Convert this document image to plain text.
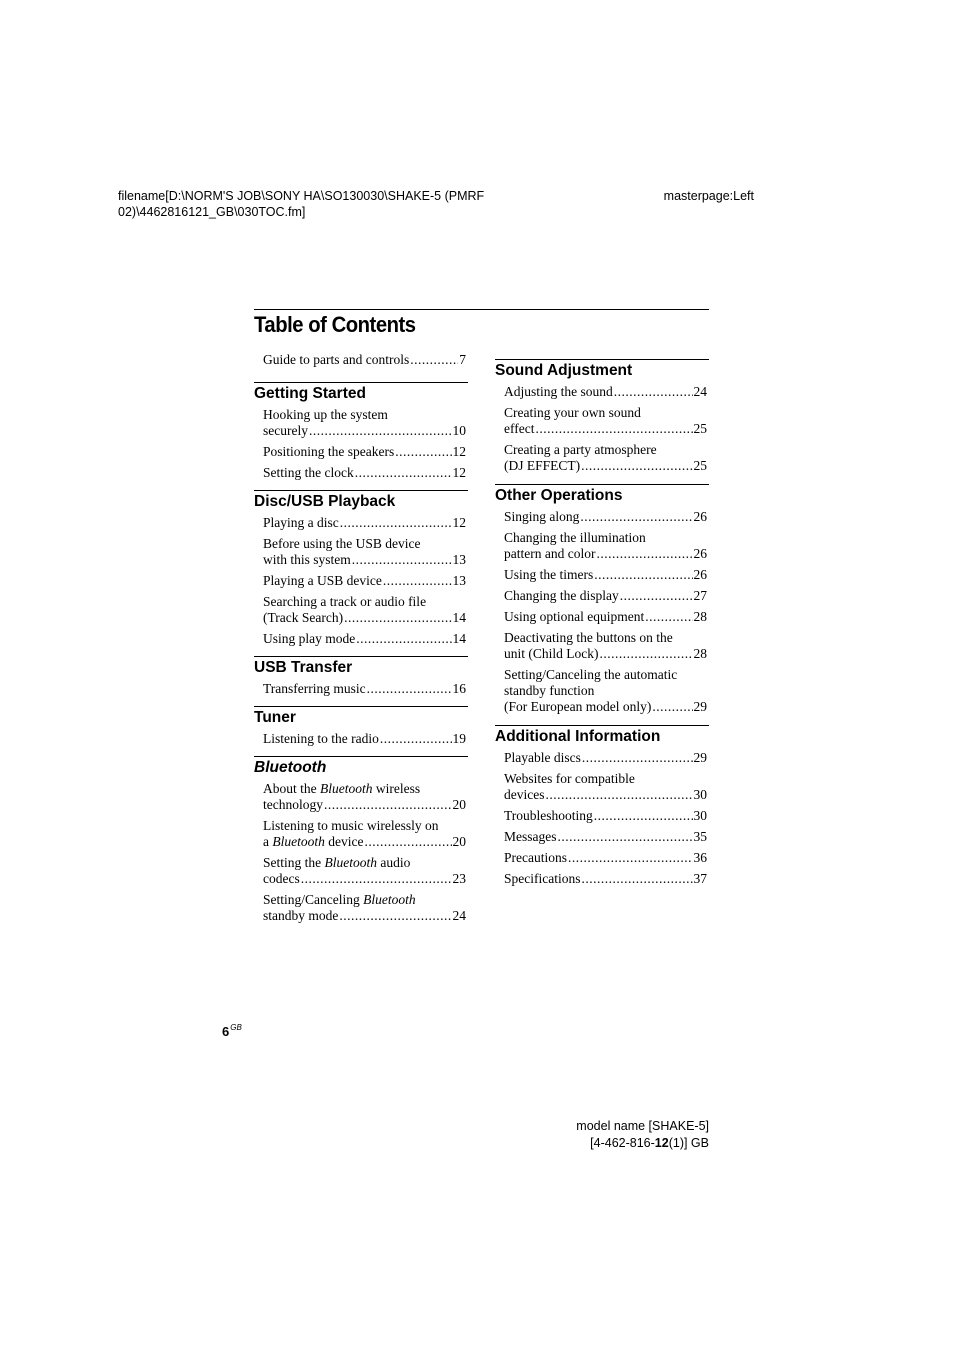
filename[D:\NORM'S JOB\SONY HA\SO130030\SHAKE-5 (PMRF
02)\4462816121_GB\030TOC.fm]
masterpage:Left
Table of Contents
Guide to parts and controls .....	7
Getting Started
Hooking up the system
securely .....	10
Positioning the speakers .....	12
Setting the clock .....	12
Disc/USB Playback
Playing a disc .....	12
Before using the USB device
with this system .....	13
Playing a USB device .....	13
Searching a track or audio file
(Track Search) .....	14
Using play mode .....	14
USB Transfer
Transferring music .....	16
Tuner
Listening to the radio .....	19
Bluetooth
About the Bluetooth wireless
technology .....	20
Listening to music wirelessly on
a Bluetooth device .....	20
Setting the Bluetooth audio
codecs .....	23
Setting/Canceling Bluetooth
standby mode .....	24
Sound Adjustment
Adjusting the sound .....	24
Creating your own sound
effect .....	25
Creating a party atmosphere
(DJ EFFECT) .....	25
Other Operations
Singing along .....	26
Changing the illumination
pattern and color .....	26
Using the timers .....	26
Changing the display .....	27
Using optional equipment .....	28
Deactivating the buttons on the
unit (Child Lock) .....	28
Setting/Canceling the automatic
standby function
(For European model only) .....	29
Additional Information
Playable discs .....	29
Websites for compatible
devices .....	30
Troubleshooting .....	30
Messages .....	35
Precautions .....	36
Specifications .....	37
$6^{GB}$
model name [SHAKE-5]
[4-462-816-12(1)] GB
